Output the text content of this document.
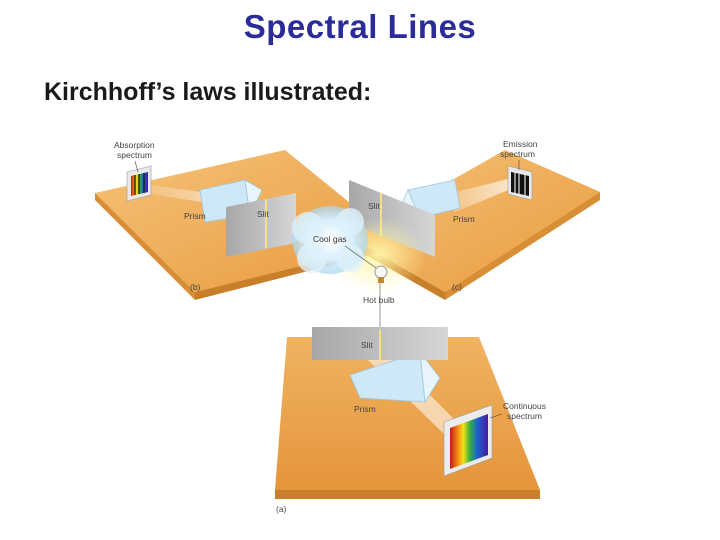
Spectral Lines
Kirchhoff’s laws illustrated:
Absorption
spectrum
Emission
spectrum
Continuous
spectrum
Prism	Prism
Prism
Slit
Slit
Slit
Cool gas
Hot bulb
(a)
(b)	(c)
